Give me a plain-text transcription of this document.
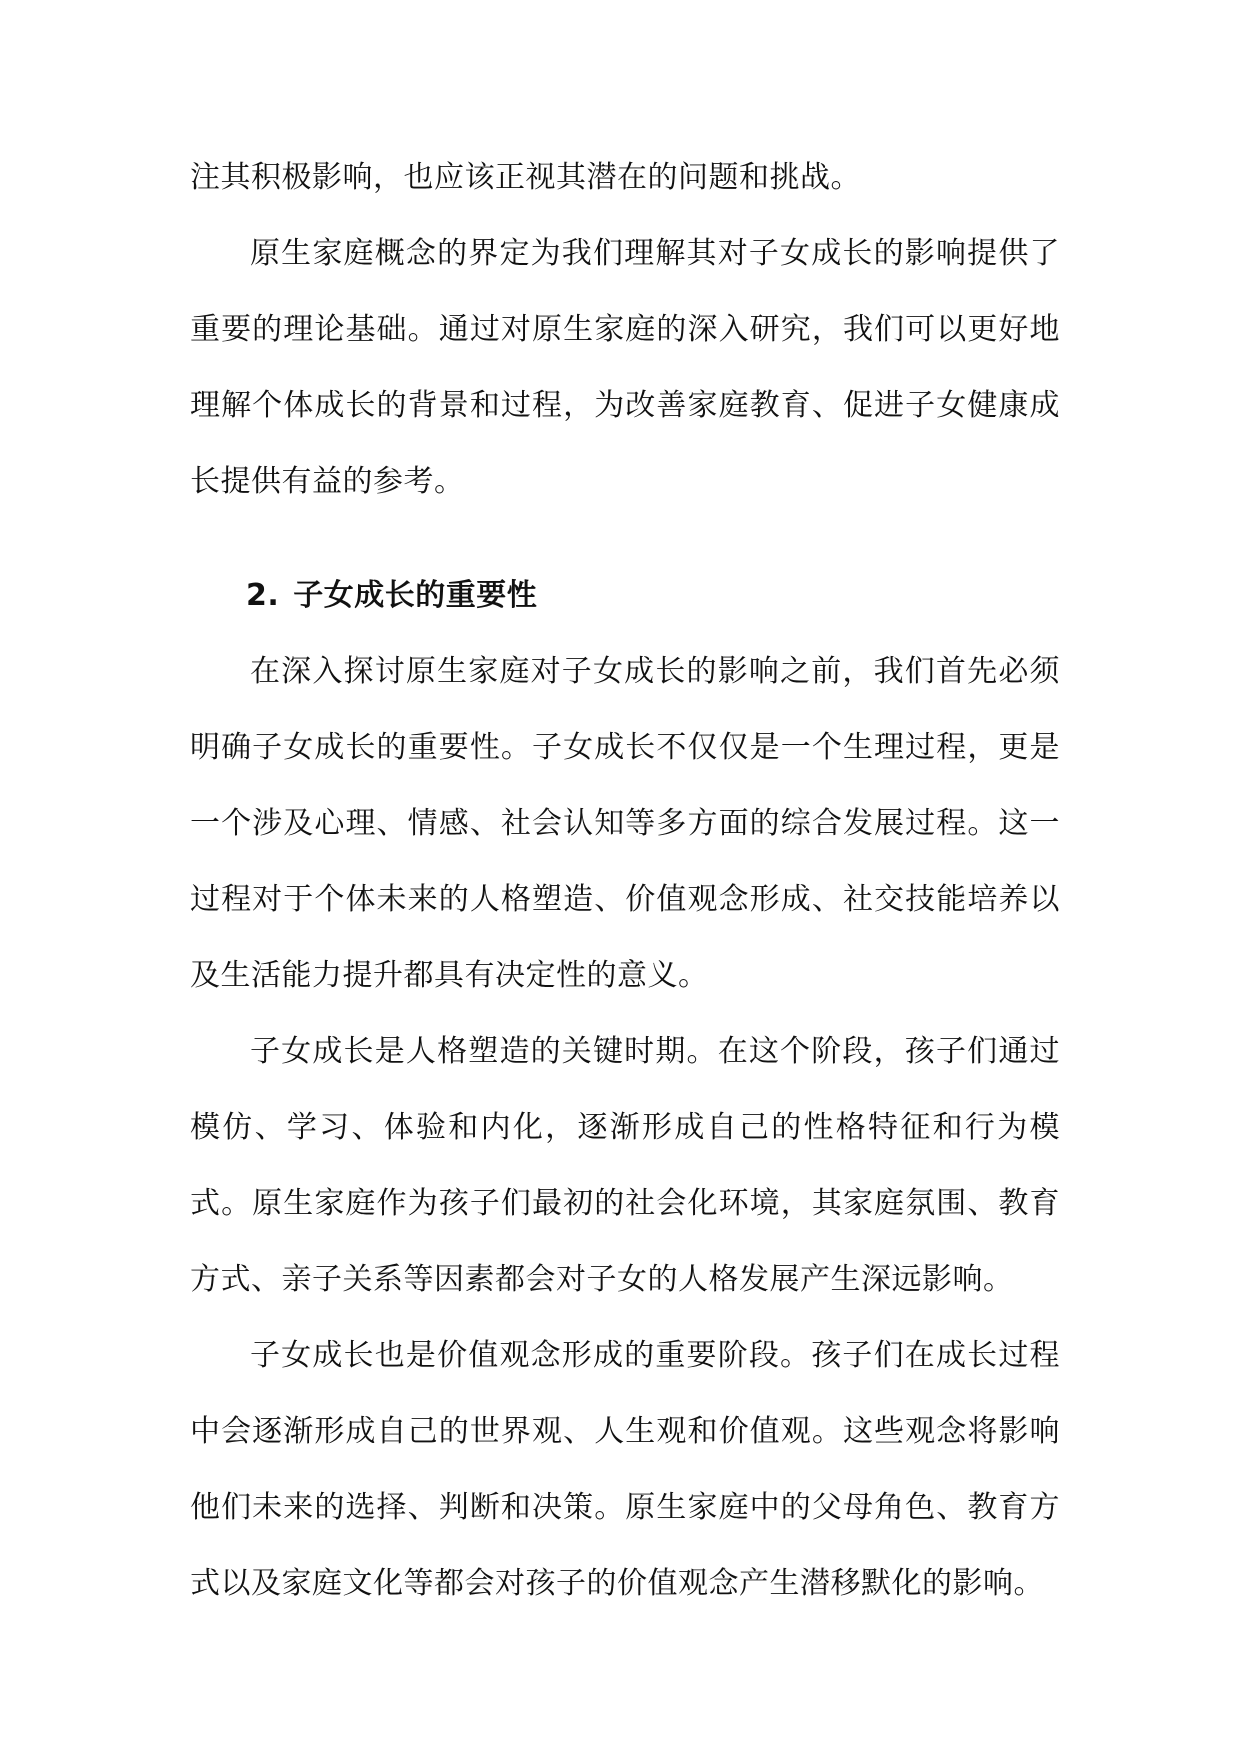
注其积极影响，也应该正视其潜在的问题和挑战。

原生家庭概念的界定为我们理解其对子女成长的影响提供了重要的理论基础。通过对原生家庭的深入研究，我们可以更好地理解个体成长的背景和过程，为改善家庭教育、促进子女健康成长提供有益的参考。

2. 子女成长的重要性

在深入探讨原生家庭对子女成长的影响之前，我们首先必须明确子女成长的重要性。子女成长不仅仅是一个生理过程，更是一个涉及心理、情感、社会认知等多方面的综合发展过程。这一过程对于个体未来的人格塑造、价值观念形成、社交技能培养以及生活能力提升都具有决定性的意义。

子女成长是人格塑造的关键时期。在这个阶段，孩子们通过模仿、学习、体验和内化，逐渐形成自己的性格特征和行为模式。原生家庭作为孩子们最初的社会化环境，其家庭氛围、教育方式、亲子关系等因素都会对子女的人格发展产生深远影响。

子女成长也是价值观念形成的重要阶段。孩子们在成长过程中会逐渐形成自己的世界观、人生观和价值观。这些观念将影响他们未来的选择、判断和决策。原生家庭中的父母角色、教育方式以及家庭文化等都会对孩子的价值观念产生潜移默化的影响。
